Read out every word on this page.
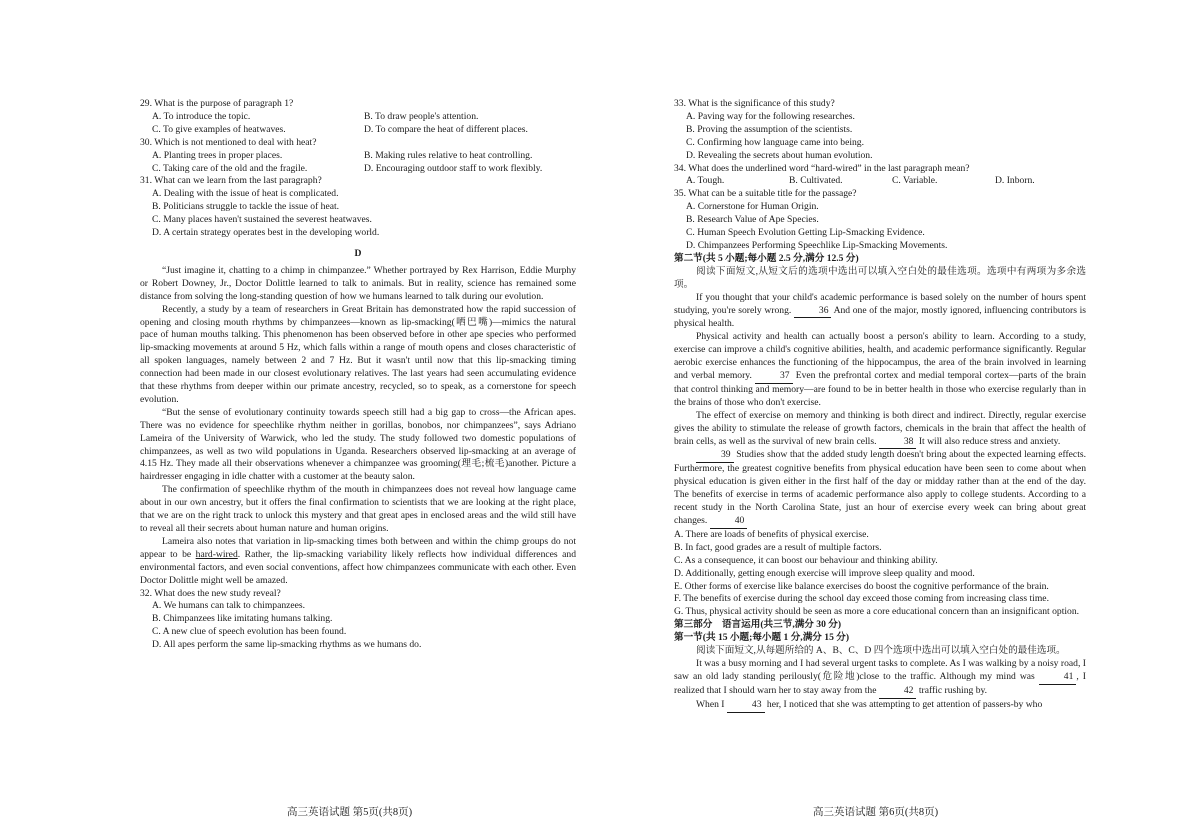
29. What is the purpose of paragraph 1?

A. To introduce the topic.	B. To draw people's attention.
C. To give examples of heatwaves.	D. To compare the heat of different places.

30. Which is not mentioned to deal with heat?

A. Planting trees in proper places.	B. Making rules relative to heat controlling.
C. Taking care of the old and the fragile.	D. Encouraging outdoor staff to work flexibly.

31. What can we learn from the last paragraph?

A. Dealing with the issue of heat is complicated.

B. Politicians struggle to tackle the issue of heat.

C. Many places haven't sustained the severest heatwaves.

D. A certain strategy operates best in the developing world.

D

“Just imagine it, chatting to a chimp in chimpanzee.” Whether portrayed by Rex Harrison, Eddie Murphy or Robert Downey, Jr., Doctor Dolittle learned to talk to animals. But in reality, science has remained some distance from solving the long-standing question of how we humans learned to talk during our evolution.

Recently, a study by a team of researchers in Great Britain has demonstrated how the rapid succession of opening and closing mouth rhythms by chimpanzees—known as lip-smacking(哂巴嘴)—mimics the natural pace of human mouths talking. This phenomenon has been observed before in other ape species who performed lip-smacking movements at around 5 Hz, which falls within a range of mouth opens and closes characteristic of all spoken languages, namely between 2 and 7 Hz. But it wasn't until now that this lip-smacking timing connection had been made in our closest evolutionary relatives. The last years had seen accumulating evidence that these rhythms from deeper within our primate ancestry, recycled, so to speak, as a cornerstone for speech evolution.

“But the sense of evolutionary continuity towards speech still had a big gap to cross—the African apes. There was no evidence for speechlike rhythm neither in gorillas, bonobos, nor chimpanzees”, says Adriano Lameira of the University of Warwick, who led the study. The study followed two domestic populations of chimpanzees, as well as two wild populations in Uganda. Researchers observed lip-smacking at an average of 4.15 Hz. They made all their observations whenever a chimpanzee was grooming(理毛;梳毛)another. Picture a hairdresser engaging in idle chatter with a customer at the beauty salon.

The confirmation of speechlike rhythm of the mouth in chimpanzees does not reveal how language came about in our own ancestry, but it offers the final confirmation to scientists that we are looking at the right place, that we are on the right track to unlock this mystery and that great apes in enclosed areas and the wild still have to reveal all their secrets about human nature and human origins.

Lameira also notes that variation in lip-smacking times both between and within the chimp groups do not appear to be hard-wired. Rather, the lip-smacking variability likely reflects how individual differences and environmental factors, and even social conventions, affect how chimpanzees communicate with each other. Even Doctor Dolittle might well be amazed.

32. What does the new study reveal?

A. We humans can talk to chimpanzees.

B. Chimpanzees like imitating humans talking.

C. A new clue of speech evolution has been found.

D. All apes perform the same lip-smacking rhythms as we humans do.

高三英语试题 第5页(共8页)

33. What is the significance of this study?

A. Paving way for the following researches.

B. Proving the assumption of the scientists.

C. Confirming how language came into being.

D. Revealing the secrets about human evolution.

34. What does the underlined word “hard-wired” in the last paragraph mean?

A. Tough.	B. Cultivated.	C. Variable.	D. Inborn.

35. What can be a suitable title for the passage?

A. Cornerstone for Human Origin.

B. Research Value of Ape Species.

C. Human Speech Evolution Getting Lip-Smacking Evidence.

D. Chimpanzees Performing Speechlike Lip-Smacking Movements.

第二节(共 5 小题;每小题 2.5 分,满分 12.5 分)

阅读下面短文,从短文后的选项中选出可以填入空白处的最佳选项。选项中有两项为多余选项。

If you thought that your child's academic performance is based solely on the number of hours spent studying, you're sorely wrong.	36 And one of the major, mostly ignored, influencing contributors is physical health.

Physical activity and health can actually boost a person's ability to learn. According to a study, exercise can improve a child's cognitive abilities, health, and academic performance significantly. Regular aerobic exercise enhances the functioning of the hippocampus, the area of the brain involved in learning and verbal memory.	37 Even the prefrontal cortex and medial temporal cortex—parts of the brain that control thinking and memory—are found to be in better health in those who exercise regularly than in the brains of those who don't exercise.

The effect of exercise on memory and thinking is both direct and indirect. Directly, regular exercise gives the ability to stimulate the release of growth factors, chemicals in the brain that affect the health of brain cells, as well as the survival of new brain cells.	38 It will also reduce stress and anxiety.

39 Studies show that the added study length doesn't bring about the expected learning effects. Furthermore, the greatest cognitive benefits from physical education have been seen to come about when physical education is given either in the first half of the day or midday rather than at the end of the day. The benefits of exercise in terms of academic performance also apply to college students. According to a recent study in the North Carolina State, just an hour of exercise every week can bring about great changes.	40

A. There are loads of benefits of physical exercise.

B. In fact, good grades are a result of multiple factors.

C. As a consequence, it can boost our behaviour and thinking ability.

D. Additionally, getting enough exercise will improve sleep quality and mood.

E. Other forms of exercise like balance exercises do boost the cognitive performance of the brain.

F. The benefits of exercise during the school day exceed those coming from increasing class time.

G. Thus, physical activity should be seen as more a core educational concern than an insignificant option.

第三部分　语言运用(共三节,满分 30 分)

第一节(共 15 小题;每小题 1 分,满分 15 分)

阅读下面短文,从每题所给的 A、B、C、D 四个选项中选出可以填入空白处的最佳选项。

It was a busy morning and I had several urgent tasks to complete. As I was walking by a noisy road, I saw an old lady standing perilously(危险地)close to the traffic. Although my mind was	41 , I realized that I should warn her to stay away from the	42 traffic rushing by.

When I	43 her, I noticed that she was attempting to get attention of passers-by who

高三英语试题 第6页(共8页)
